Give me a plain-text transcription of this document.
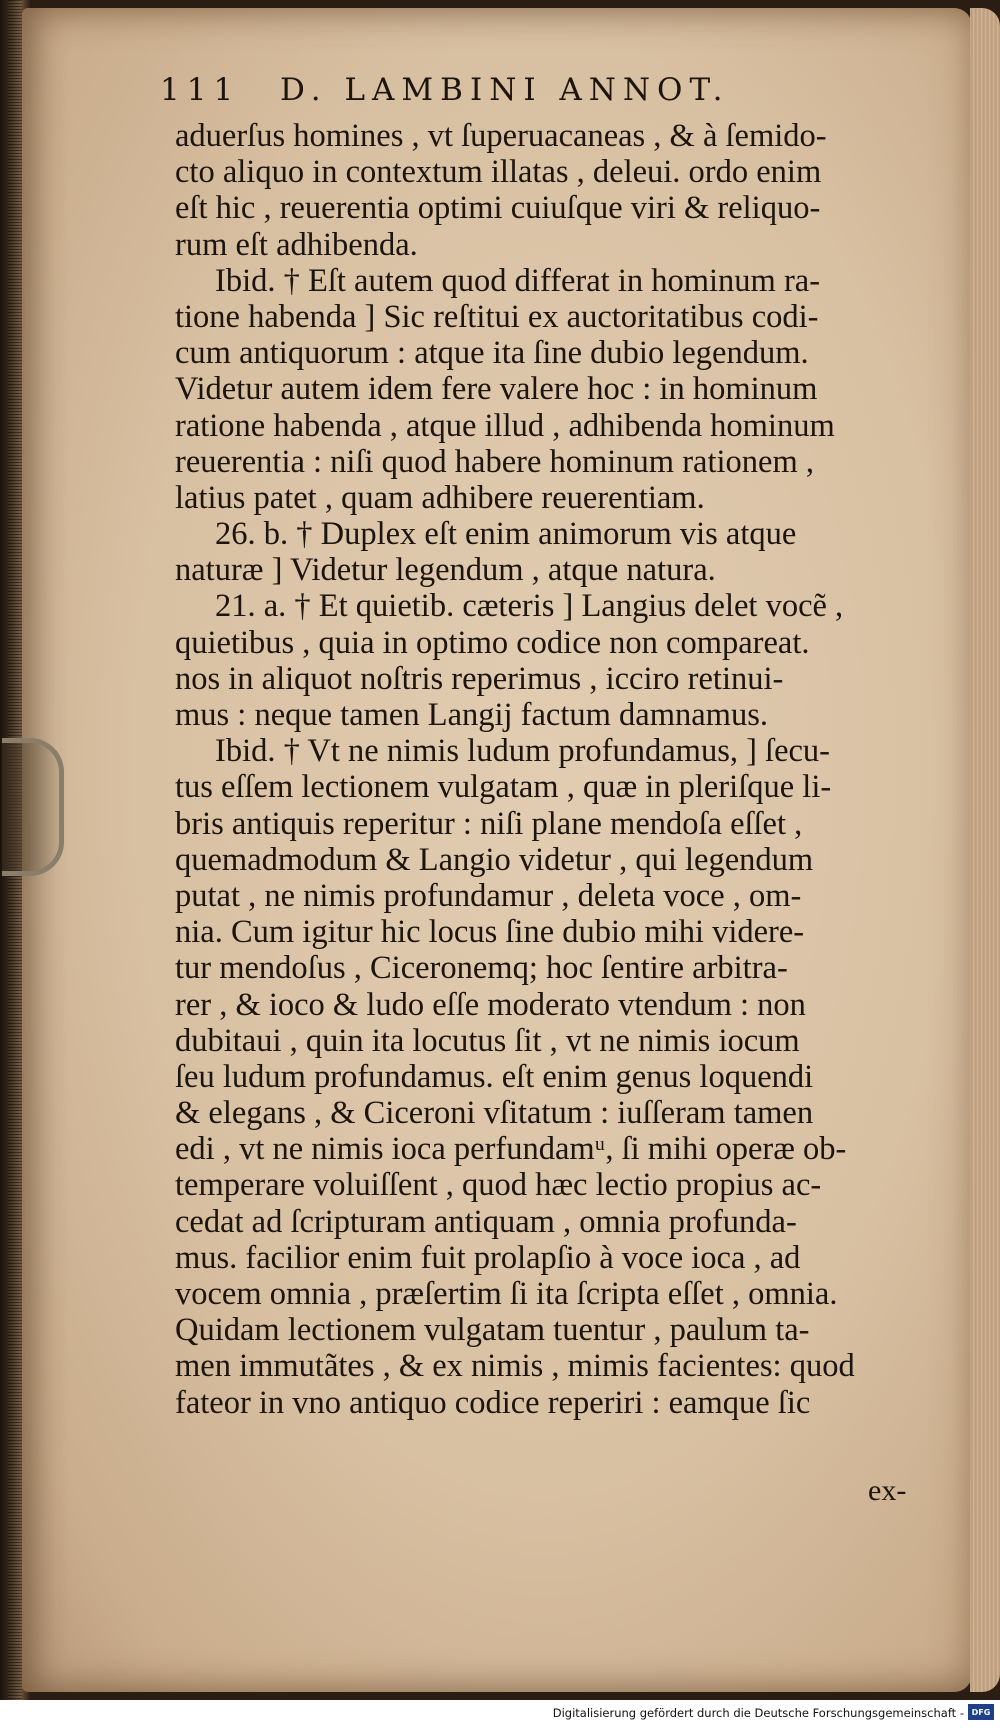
111 D. LAMBINI ANNOT.
aduerſus homines , vt ſuperuacaneas , & à ſemido-
cto aliquo in contextum illatas , deleui. ordo enim
eſt hic , reuerentia optimi cuiuſque viri & reliquo-
rum eſt adhibenda.
Ibid. † Eſt autem quod differat in hominum ra-
tione habenda ] Sic reſtitui ex auctoritatibus codi-
cum antiquorum : atque ita ſine dubio legendum.
Videtur autem idem fere valere hoc : in hominum
ratione habenda , atque illud , adhibenda hominum
reuerentia : niſi quod habere hominum rationem ,
latius patet , quam adhibere reuerentiam.
26. b. † Duplex eſt enim animorum vis atque
naturæ ] Videtur legendum , atque natura.
21. a. † Et quietib. cæteris ] Langius delet vocẽ ,
quietibus , quia in optimo codice non compareat.
nos in aliquot noſtris reperimus , icciro retinui-
mus : neque tamen Langij factum damnamus.
Ibid. † Vt ne nimis ludum profundamus, ] ſecu-
tus eſſem lectionem vulgatam , quæ in pleriſque li-
bris antiquis reperitur : niſi plane mendoſa eſſet ,
quemadmodum & Langio videtur , qui legendum
putat , ne nimis profundamur , deleta voce , om-
nia. Cum igitur hic locus ſine dubio mihi videre-
tur mendoſus , Ciceronemq; hoc ſentire arbitra-
rer , & ioco & ludo eſſe moderato vtendum : non
dubitaui , quin ita locutus ſit , vt ne nimis iocum
ſeu ludum profundamus. eſt enim genus loquendi
& elegans , & Ciceroni vſitatum : iuſſeram tamen
edi , vt ne nimis ioca perfundamᵘ, ſi mihi operæ ob-
temperare voluiſſent , quod hæc lectio propius ac-
cedat ad ſcripturam antiquam , omnia profunda-
mus. facilior enim fuit prolapſio à voce ioca , ad
vocem omnia , præſertim ſi ita ſcripta eſſet , omnia.
Quidam lectionem vulgatam tuentur , paulum ta-
men immutãtes , & ex nimis , mimis facientes: quod
fateor in vno antiquo codice reperiri : eamque ſic
ex-
Digitalisierung gefördert durch die Deutsche Forschungsgemeinschaft - DFG
